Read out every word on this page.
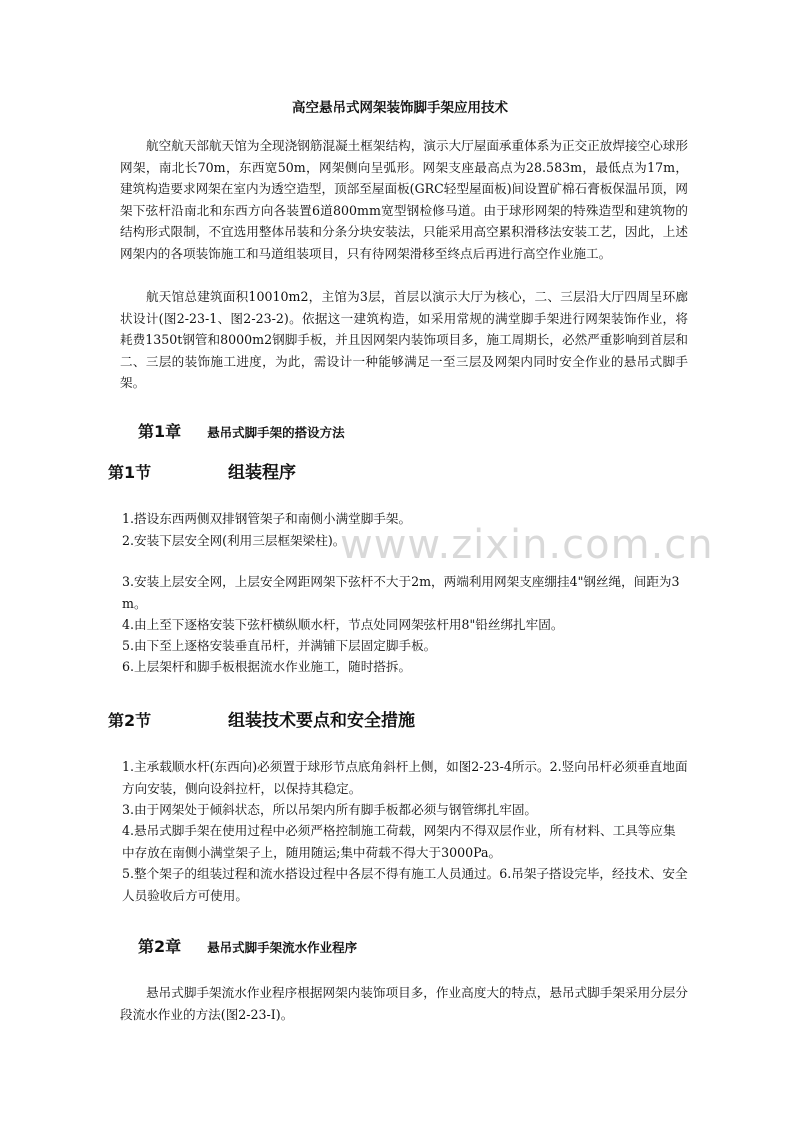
www.zixin.com.cn
高空悬吊式网架装饰脚手架应用技术

航空航天部航天馆为全现浇钢筋混凝土框架结构，演示大厅屋面承重体系为正交正放焊接空心球形网架，南北长70m，东西宽50m，网架侧向呈弧形。网架支座最高点为28.583m，最低点为17m，建筑构造要求网架在室内为透空造型，顶部至屋面板(GRC轻型屋面板)间设置矿棉石膏板保温吊顶，网架下弦杆沿南北和东西方向各装置6道800mm宽型钢检修马道。由于球形网架的特殊造型和建筑物的结构形式限制，不宜选用整体吊装和分条分块安装法，只能采用高空累积滑移法安装工艺，因此，上述网架内的各项装饰施工和马道组装项目，只有待网架滑移至终点后再进行高空作业施工。

航天馆总建筑面积10010m2，主馆为3层，首层以演示大厅为核心，二、三层沿大厅四周呈环廊状设计(图2-23-1、图2-23-2)。依据这一建筑构造，如采用常规的满堂脚手架进行网架装饰作业，将耗费1350t钢管和8000m2钢脚手板，并且因网架内装饰项目多，施工周期长，必然严重影响到首层和二、三层的装饰施工进度，为此，需设计一种能够满足一至三层及网架内同时安全作业的悬吊式脚手架。

第1章 悬吊式脚手架的搭设方法
第1节	组装程序

1.搭设东西两侧双排钢管架子和南侧小满堂脚手架。

2.安装下层安全网(利用三层框架梁柱)。

3.安装上层安全网，上层安全网距网架下弦杆不大于2m，两端利用网架支座绷挂4"钢丝绳，间距为3m。

4.由上至下逐格安装下弦杆横纵顺水杆，节点处同网架弦杆用8"铅丝绑扎牢固。

5.由下至上逐格安装垂直吊杆，并满铺下层固定脚手板。

6.上层架杆和脚手板根据流水作业施工，随时搭拆。

第2节	组装技术要点和安全措施

1.主承载顺水杆(东西向)必须置于球形节点底角斜杆上侧，如图2-23-4所示。2.竖向吊杆必须垂直地面方向安装，侧向设斜拉杆，以保持其稳定。

3.由于网架处于倾斜状态，所以吊架内所有脚手板都必须与钢管绑扎牢固。

4.悬吊式脚手架在使用过程中必须严格控制施工荷载，网架内不得双层作业，所有材料、工具等应集中存放在南侧小满堂架子上，随用随运;集中荷载不得大于3000Pa。

5.整个架子的组装过程和流水搭设过程中各层不得有施工人员通过。6.吊架子搭设完毕，经技术、安全人员验收后方可使用。

第2章 悬吊式脚手架流水作业程序

悬吊式脚手架流水作业程序根据网架内装饰项目多，作业高度大的特点，悬吊式脚手架采用分层分段流水作业的方法(图2-23-I)。
